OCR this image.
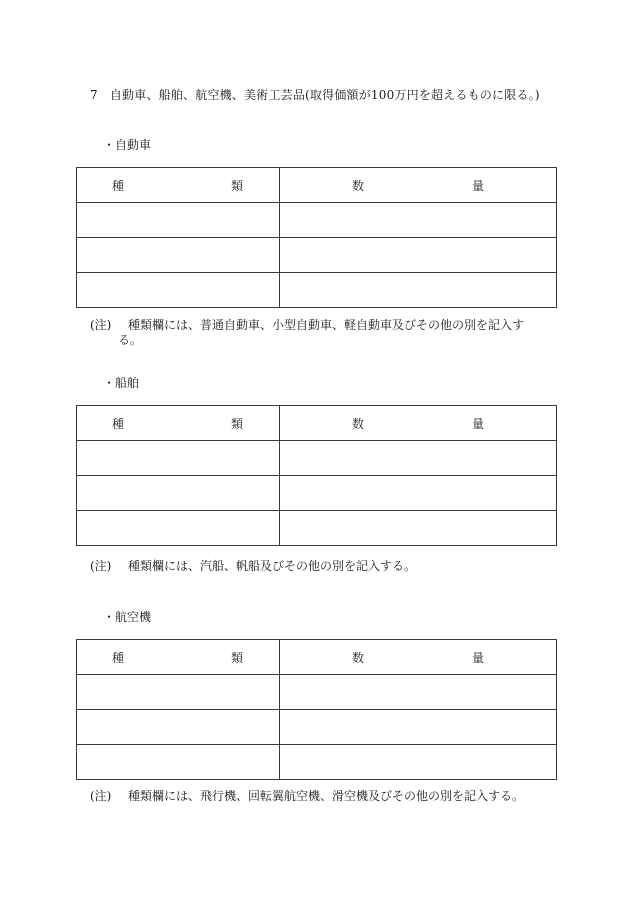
7 自動車、船舶、航空機、美術工芸品(取得価額が100万円を超えるものに限る。)
・自動車
種 類	数 量

(注) 種類欄には、普通自動車、小型自動車、軽自動車及びその他の別を記入す
る。
・船舶
種 類	数 量

(注) 種類欄には、汽船、帆船及びその他の別を記入する。
・航空機
種 類	数 量

(注) 種類欄には、飛行機、回転翼航空機、滑空機及びその他の別を記入する。
